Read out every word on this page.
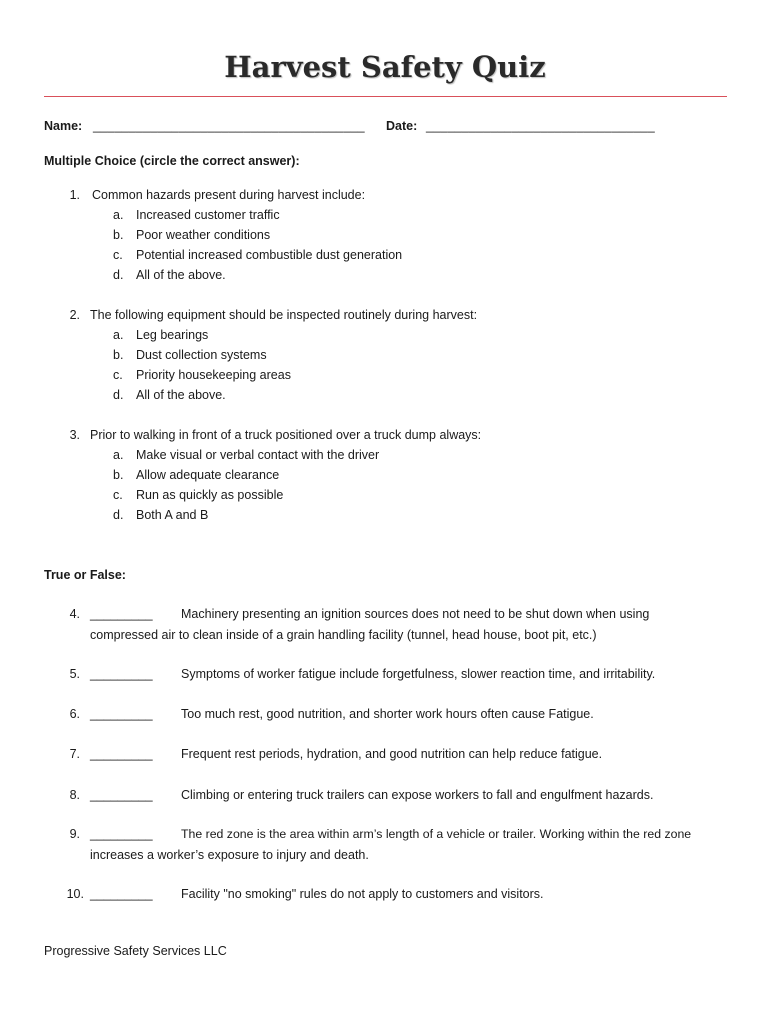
Harvest Safety Quiz
Name: ______________________________________ Date: ________________________________
Multiple Choice (circle the correct answer):
1. Common hazards present during harvest include:
a. Increased customer traffic
b. Poor weather conditions
c. Potential increased combustible dust generation
d. All of the above.
2. The following equipment should be inspected routinely during harvest:
a. Leg bearings
b. Dust collection systems
c. Priority housekeeping areas
d. All of the above.
3. Prior to walking in front of a truck positioned over a truck dump always:
a. Make visual or verbal contact with the driver
b. Allow adequate clearance
c. Run as quickly as possible
d. Both A and B
True or False:
4. _________ Machinery presenting an ignition sources does not need to be shut down when using
compressed air to clean inside of a grain handling facility (tunnel, head house, boot pit, etc.)
5. _________ Symptoms of worker fatigue include forgetfulness, slower reaction time, and irritability.
6. _________ Too much rest, good nutrition, and shorter work hours often cause Fatigue.
7. _________ Frequent rest periods, hydration, and good nutrition can help reduce fatigue.
8. _________ Climbing or entering truck trailers can expose workers to fall and engulfment hazards.
9. _________ The red zone is the area within arm’s length of a vehicle or trailer. Working within the red zone
increases a worker’s exposure to injury and death.
10. _________ Facility "no smoking" rules do not apply to customers and visitors.
Progressive Safety Services LLC
